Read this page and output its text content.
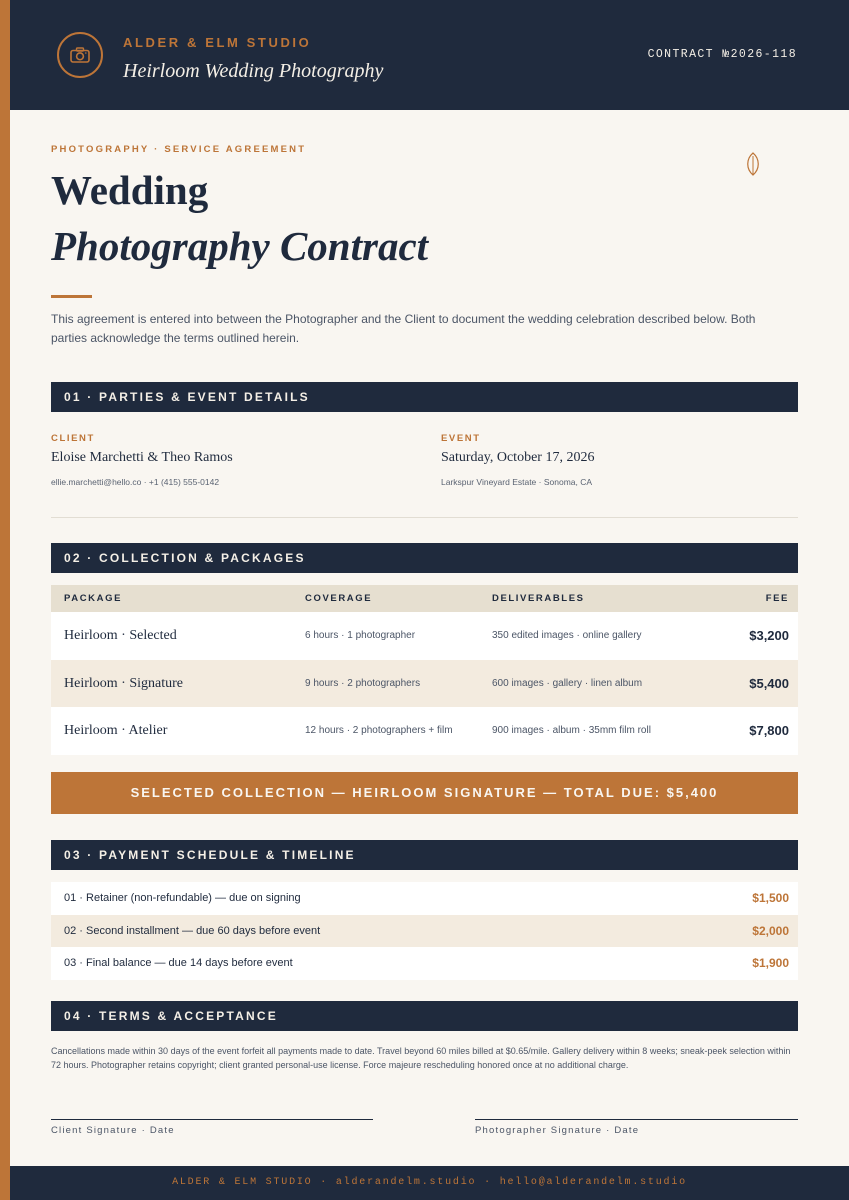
ALDER & ELM STUDIO
Heirloom Wedding Photography
CONTRACT №2026-118
PHOTOGRAPHY · SERVICE AGREEMENT
Wedding
Photography Contract

This agreement is entered into between the Photographer and the Client to document the wedding celebration described below. Both parties acknowledge the terms outlined herein.

01 · PARTIES & EVENT DETAILS
CLIENT
Eloise Marchetti & Theo Ramos
ellie.marchetti@hello.co · +1 (415) 555-0142
EVENT
Saturday, October 17, 2026
Larkspur Vineyard Estate · Sonoma, CA
02 · COLLECTION & PACKAGES
PACKAGE	COVERAGE	DELIVERABLES	FEE
Heirloom · Selected	6 hours · 1 photographer	350 edited images · online gallery	$3,200
Heirloom · Signature	9 hours · 2 photographers	600 images · gallery · linen album	$5,400
Heirloom · Atelier	12 hours · 2 photographers + film	900 images · album · 35mm film roll	$7,800
SELECTED COLLECTION — HEIRLOOM SIGNATURE — TOTAL DUE: $5,400
03 · PAYMENT SCHEDULE & TIMELINE
01 · Retainer (non-refundable) — due on signing	$1,500
02 · Second installment — due 60 days before event	$2,000
03 · Final balance — due 14 days before event	$1,900
04 · TERMS & ACCEPTANCE

Cancellations made within 30 days of the event forfeit all payments made to date. Travel beyond 60 miles billed at $0.65/mile. Gallery delivery within 8 weeks; sneak-peek selection within 72 hours. Photographer retains copyright; client granted personal-use license. Force majeure rescheduling honored once at no additional charge.

Client Signature · Date	Photographer Signature · Date
ALDER & ELM STUDIO · alderandelm.studio · hello@alderandelm.studio
